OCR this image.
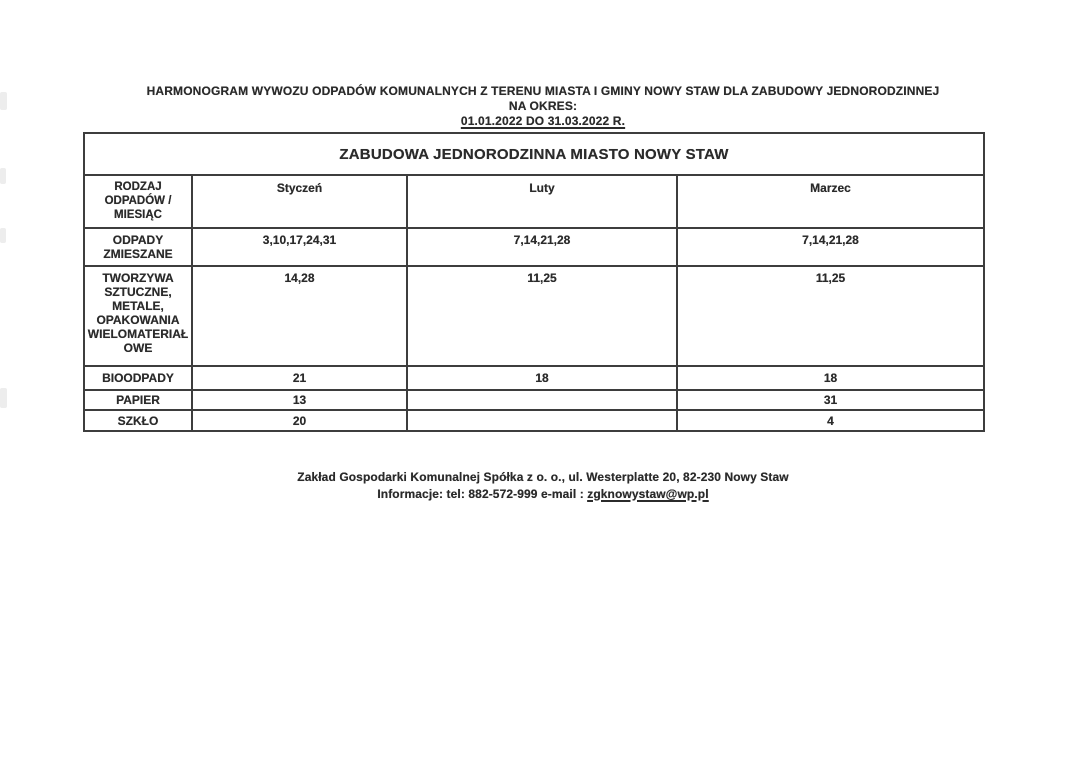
HARMONOGRAM WYWOZU ODPADÓW KOMUNALNYCH Z TERENU MIASTA I GMINY NOWY STAW DLA ZABUDOWY JEDNORODZINNEJ
NA OKRES:
01.01.2022 DO 31.03.2022 R.
ZABUDOWA JEDNORODZINNA MIASTO NOWY STAW			
RODZAJ ODPADÓW / MIESIĄC	Styczeń	Luty	Marzec
ODPADY ZMIESZANE	3,10,17,24,31	7,14,21,28	7,14,21,28
TWORZYWA SZTUCZNE, METALE, OPAKOWANIA WIELOMATERIAŁOWE	14,28	11,25	11,25
BIOODPADY	21	18	18
PAPIER	13		31
SZKŁO	20		4
Zakład Gospodarki Komunalnej Spółka z o. o., ul. Westerplatte 20, 82-230 Nowy Staw
Informacje: tel: 882-572-999 e-mail : zgknowystaw@wp.pl
